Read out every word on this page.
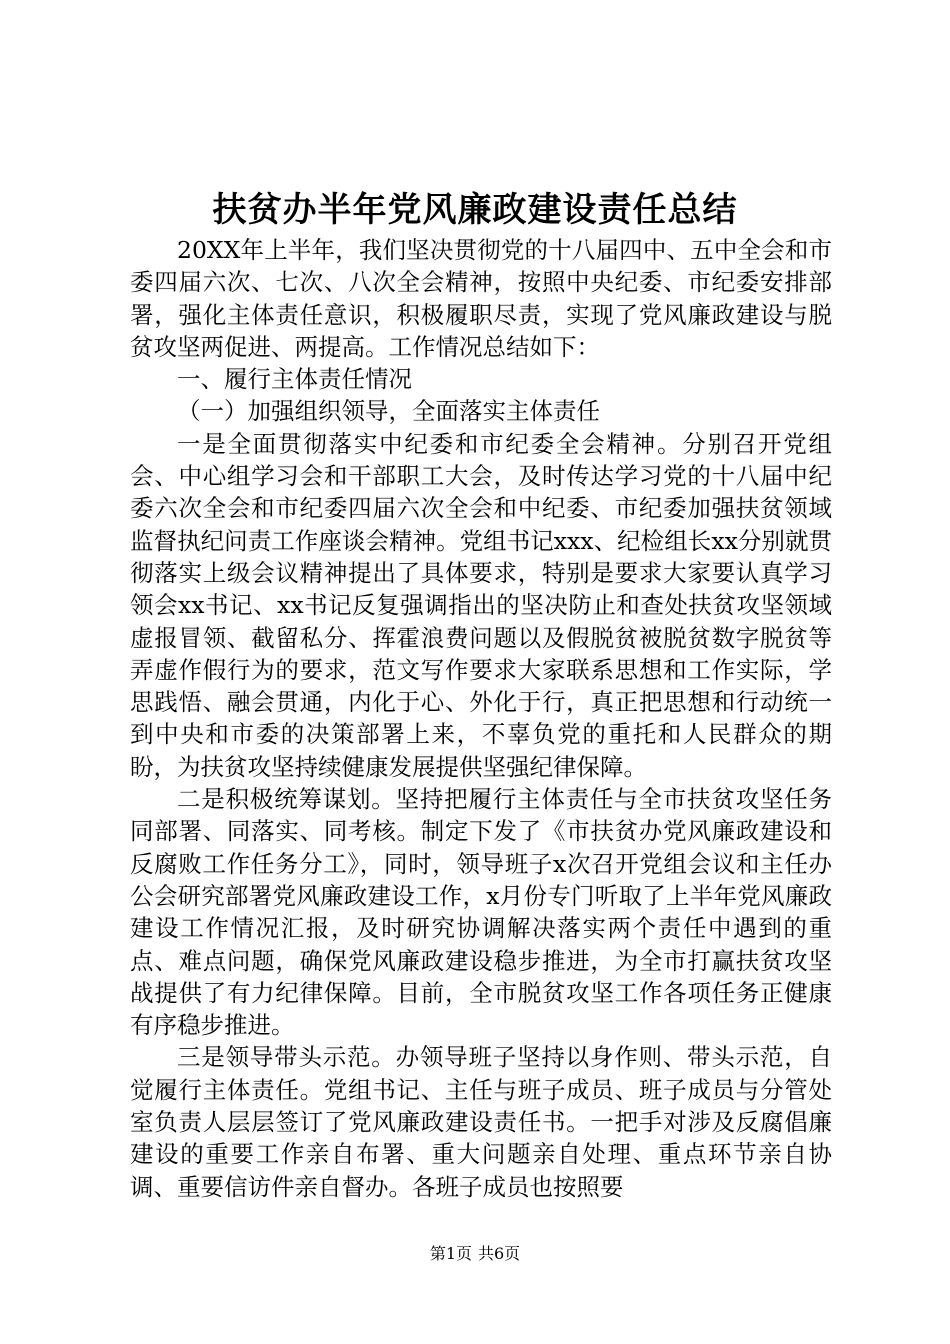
扶贫办半年党风廉政建设责任总结

20XX年上半年，我们坚决贯彻党的十八届四中、五中全会和市委四届六次、七次、八次全会精神，按照中央纪委、市纪委安排部署，强化主体责任意识，积极履职尽责，实现了党风廉政建设与脱贫攻坚两促进、两提高。工作情况总结如下：

一、履行主体责任情况

（一）加强组织领导，全面落实主体责任

一是全面贯彻落实中纪委和市纪委全会精神。分别召开党组会、中心组学习会和干部职工大会，及时传达学习党的十八届中纪委六次全会和市纪委四届六次全会和中纪委、市纪委加强扶贫领域监督执纪问责工作座谈会精神。党组书记xxx、纪检组长xx分别就贯彻落实上级会议精神提出了具体要求，特别是要求大家要认真学习领会xx书记、xx书记反复强调指出的坚决防止和查处扶贫攻坚领域虚报冒领、截留私分、挥霍浪费问题以及假脱贫被脱贫数字脱贫等弄虚作假行为的要求，范文写作要求大家联系思想和工作实际，学思践悟、融会贯通，内化于心、外化于行，真正把思想和行动统一到中央和市委的决策部署上来，不辜负党的重托和人民群众的期盼，为扶贫攻坚持续健康发展提供坚强纪律保障。

二是积极统筹谋划。坚持把履行主体责任与全市扶贫攻坚任务同部署、同落实、同考核。制定下发了《市扶贫办党风廉政建设和反腐败工作任务分工》，同时，领导班子x次召开党组会议和主任办公会研究部署党风廉政建设工作，x月份专门听取了上半年党风廉政建设工作情况汇报，及时研究协调解决落实两个责任中遇到的重点、难点问题，确保党风廉政建设稳步推进，为全市打赢扶贫攻坚战提供了有力纪律保障。目前，全市脱贫攻坚工作各项任务正健康有序稳步推进。

三是领导带头示范。办领导班子坚持以身作则、带头示范，自觉履行主体责任。党组书记、主任与班子成员、班子成员与分管处室负责人层层签订了党风廉政建设责任书。一把手对涉及反腐倡廉建设的重要工作亲自布署、重大问题亲自处理、重点环节亲自协调、重要信访件亲自督办。各班子成员也按照要

第1页 共6页
